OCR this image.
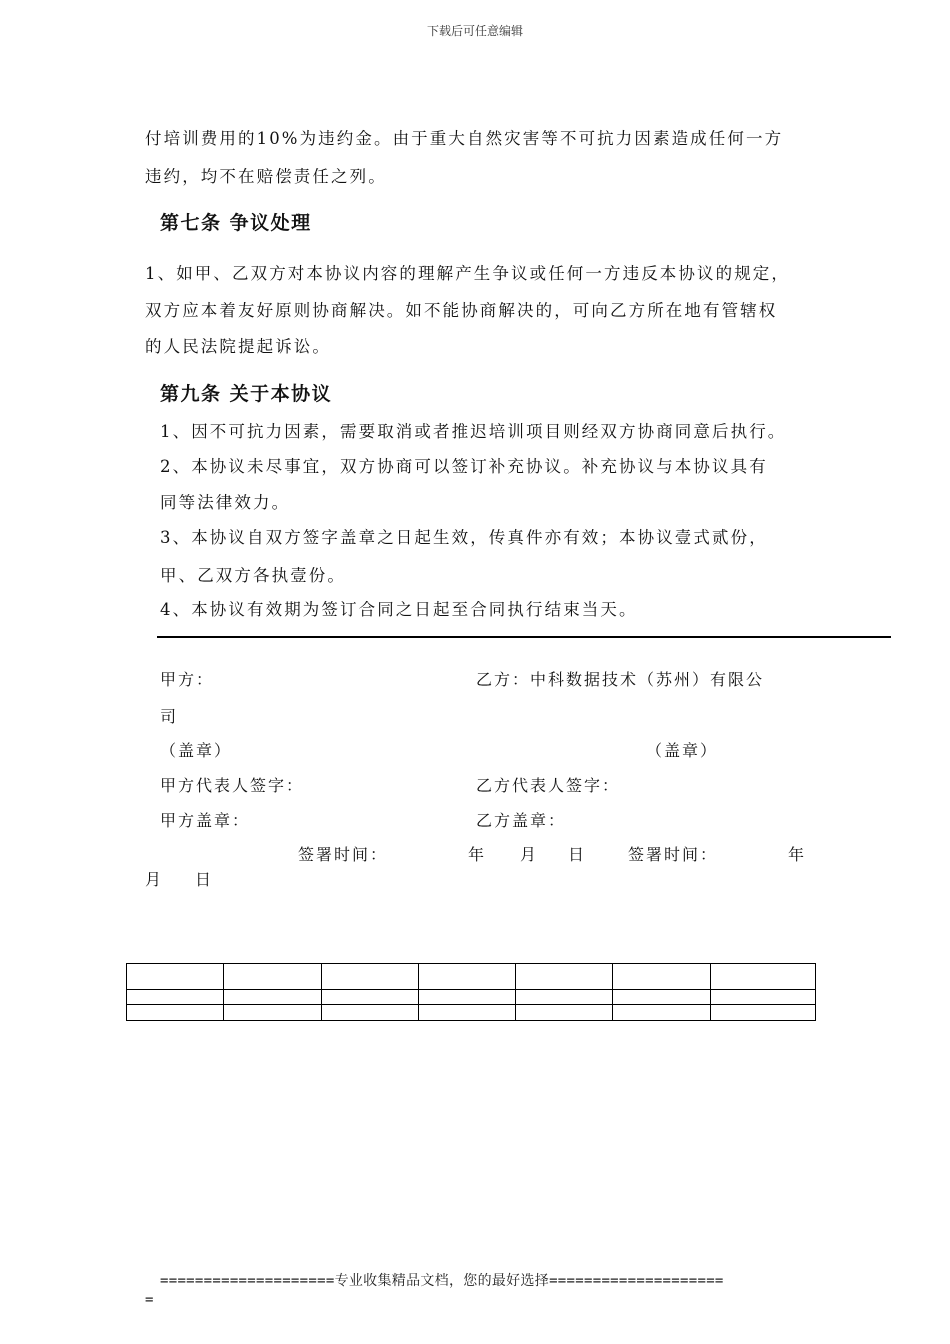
下载后可任意编辑
付培训费用的10%为违约金。由于重大自然灾害等不可抗力因素造成任何一方
违约，均不在赔偿责任之列。
第七条 争议处理
1、如甲、乙双方对本协议内容的理解产生争议或任何一方违反本协议的规定，
双方应本着友好原则协商解决。如不能协商解决的，可向乙方所在地有管辖权
的人民法院提起诉讼。
第九条 关于本协议
1、因不可抗力因素，需要取消或者推迟培训项目则经双方协商同意后执行。
2、本协议未尽事宜，双方协商可以签订补充协议。补充协议与本协议具有
同等法律效力。
3、本协议自双方签字盖章之日起生效，传真件亦有效；本协议壹式贰份，
甲、乙双方各执壹份。
4、本协议有效期为签订合同之日起至合同执行结束当天。
甲方：	乙方：中科数据技术（苏州）有限公
司
（盖章）	（盖章）
甲方代表人签字：	乙方代表人签字：
甲方盖章：	乙方盖章：
签署时间：	年 月 日	签署时间：	年
月 日

====================专业收集精品文档，您的最好选择====================
=
